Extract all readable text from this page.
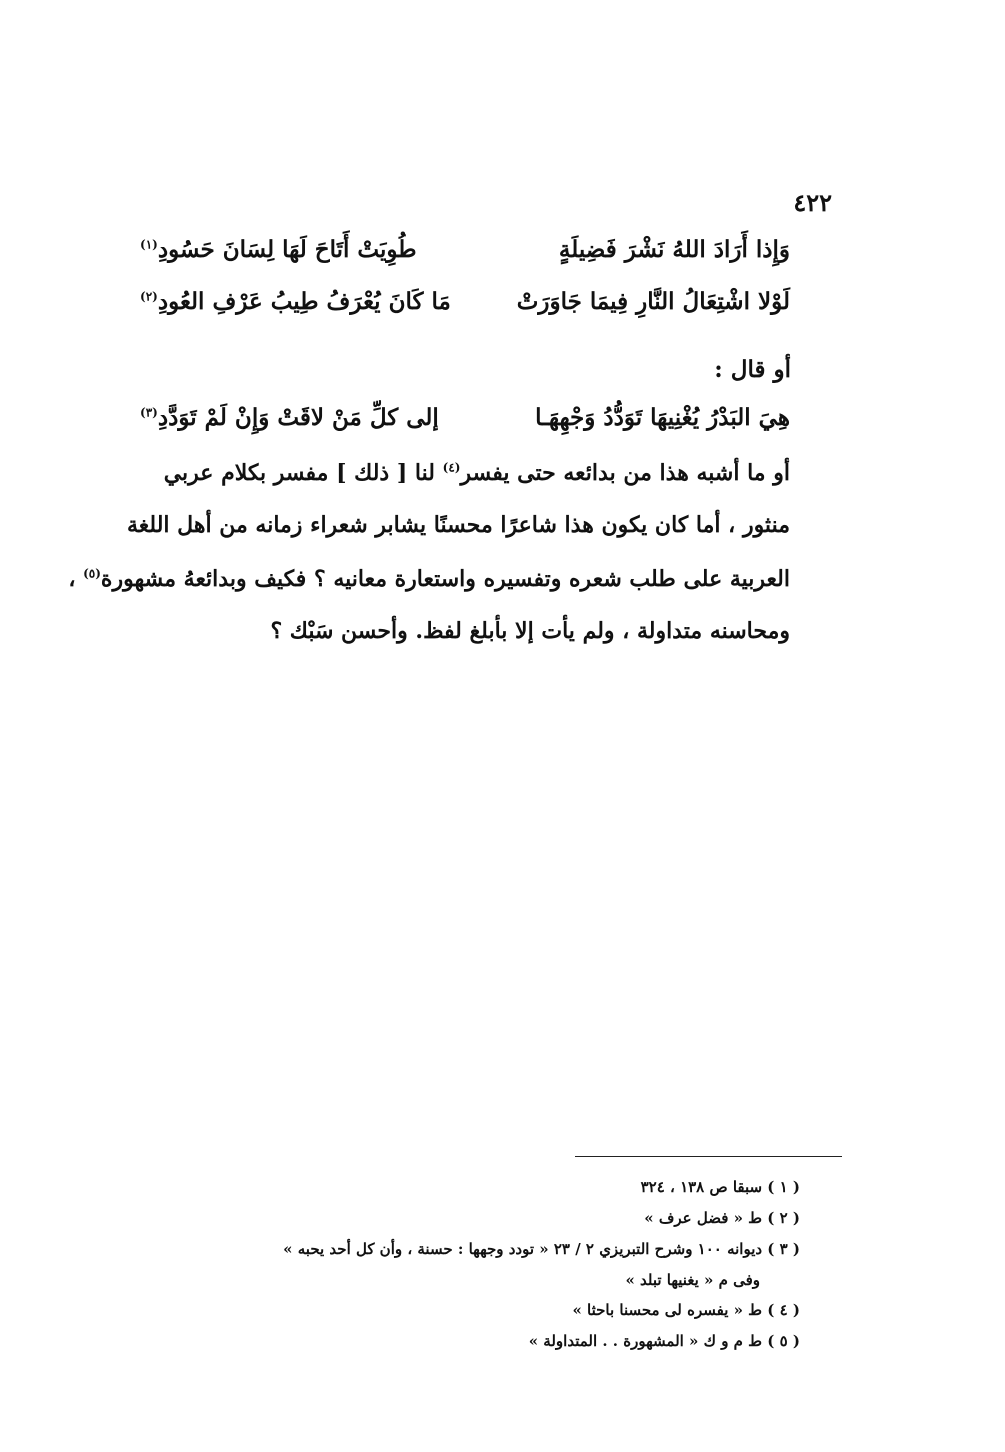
٤٢٢
وَإِذا أَرَادَ اللهُ نَشْرَ فَضِيلَةٍ
طُوِيَتْ أَتَاحَ لَهَا لِسَانَ حَسُودِ$^{(١)}$
لَوْلا اشْتِعَالُ النَّارِ فِيمَا جَاوَرَتْ
مَا كَانَ يُعْرَفُ طِيبُ عَرْفِ العُودِ$^{(٢)}$
أو قال :
هِيَ البَدْرُ يُغْنِيهَا تَوَدُّدُ وَجْهِهَـا
إلى كلِّ مَنْ لاقَتْ وَإِنْ لَمْ تَوَدَّدِ$^{(٣)}$
أو ما أشبه هذا من بدائعه حتى يفسر$^{(٤)}$ لنا [ ذلك ] مفسر بكلام عربي
منثور ، أما كان يكون هذا شاعرًا محسنًا يشابر شعراء زمانه من أهل اللغة
العربية على طلب شعره وتفسيره واستعارة معانيه ؟ فكيف وبدائعهُ مشهورة$^{(٥)}$ ،
ومحاسنه متداولة ، ولم يأت إلا بأبلغ لفظ. وأحسن سَبْك ؟
( ١ ) سبقا ص ١٣٨ ، ٣٢٤
( ٢ ) ط « فضل عرف »
( ٣ ) ديوانه ١٠٠ وشرح التبريزي ٢ / ٢٣ « تودد وجهها : حسنة ، وأن كل أحد يحبه »
وفى م « يغنيها تبلد »
( ٤ ) ط « يفسره لى محسنا باحثا »
( ٥ ) ط م و ك « المشهورة . . المتداولة »
